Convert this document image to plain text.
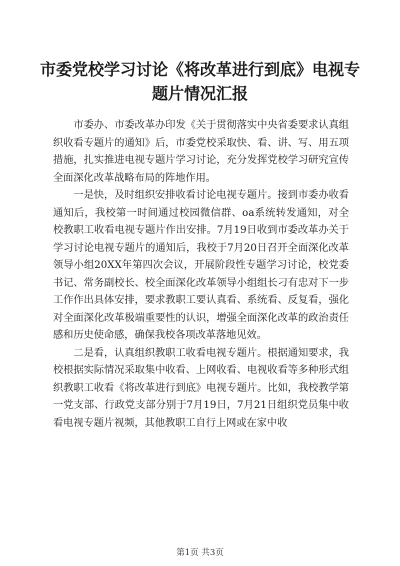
市委党校学习讨论《将改革进行到底》电视专题片情况汇报

市委办、市委改革办印发《关于贯彻落实中央省委要求认真组织收看专题片的通知》后，市委党校采取快、看、讲、写、用五项措施，扎实推进电视专题片学习讨论，充分发挥党校学习研究宣传全面深化改革战略布局的阵地作用。

一是快，及时组织安排收看讨论电视专题片。接到市委办收看通知后，我校第一时间通过校园微信群、oa系统转发通知，对全校教职工收看电视专题片作出安排。7月19日收到市委改革办关于学习讨论电视专题片的通知后，我校于7月20日召开全面深化改革领导小组20XX年第四次会议，开展阶段性专题学习讨论，校党委书记、常务副校长、校全面深化改革领导小组组长刁有忠对下一步工作作出具体安排，要求教职工要认真看、系统看、反复看，强化对全面深化改革极端重要性的认识，增强全面深化改革的政治责任感和历史使命感，确保我校各项改革落地见效。

二是看，认真组织教职工收看电视专题片。根据通知要求，我校根据实际情况采取集中收看、上网收看、电视收看等多种形式组织教职工收看《将改革进行到底》电视专题片。比如，我校教学第一党支部、行政党支部分别于7月19日，7月21日组织党员集中收看电视专题片视频，其他教职工自行上网或在家中收

第1页 共3页
